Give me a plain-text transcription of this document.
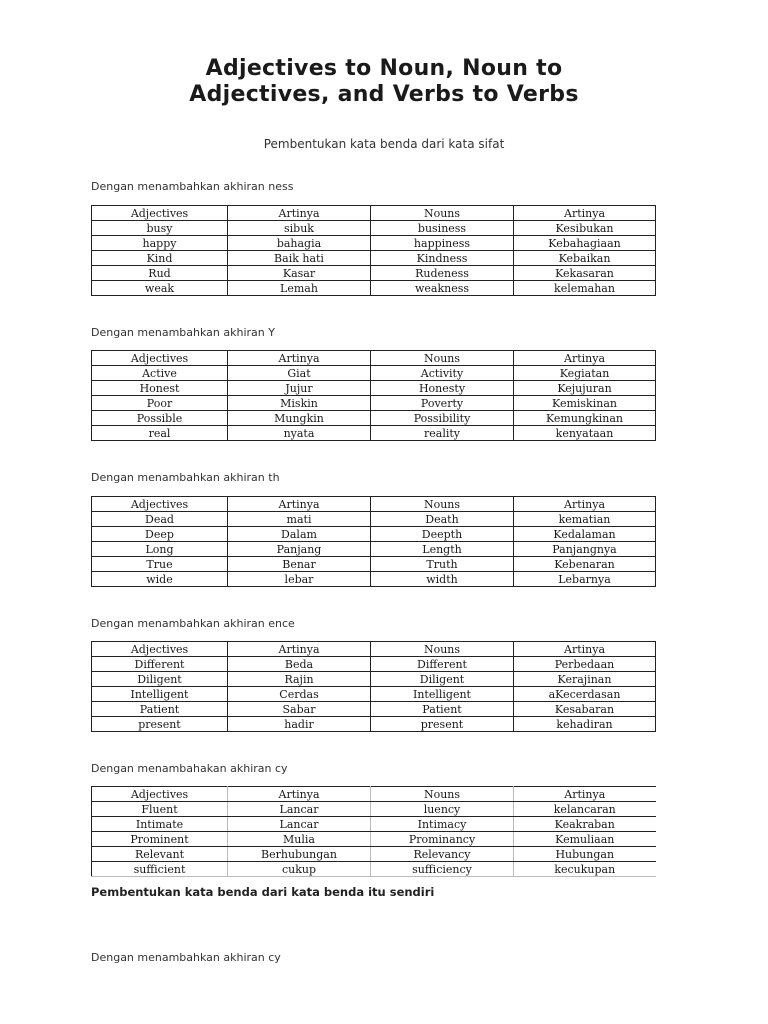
Adjectives to Noun, Noun to
Adjectives, and Verbs to Verbs
Pembentukan kata benda dari kata sifat
Dengan menambahkan akhiran ness
Adjectives	Artinya	Nouns	Artinya
busy	sibuk	business	Kesibukan
happy	bahagia	happiness	Kebahagiaan
Kind	Baik hati	Kindness	Kebaikan
Rud	Kasar	Rudeness	Kekasaran
weak	Lemah	weakness	kelemahan
Dengan menambahkan akhiran Y
Adjectives	Artinya	Nouns	Artinya
Active	Giat	Activity	Kegiatan
Honest	Jujur	Honesty	Kejujuran
Poor	Miskin	Poverty	Kemiskinan
Possible	Mungkin	Possibility	Kemungkinan
real	nyata	reality	kenyataan
Dengan menambahkan akhiran th
Adjectives	Artinya	Nouns	Artinya
Dead	mati	Death	kematian
Deep	Dalam	Deepth	Kedalaman
Long	Panjang	Length	Panjangnya
True	Benar	Truth	Kebenaran
wide	lebar	width	Lebarnya
Dengan menambahkan akhiran ence
Adjectives	Artinya	Nouns	Artinya
Different	Beda	Different	Perbedaan
Diligent	Rajin	Diligent	Kerajinan
Intelligent	Cerdas	Intelligent	aKecerdasan
Patient	Sabar	Patient	Kesabaran
present	hadir	present	kehadiran
Dengan menambahakan akhiran cy
Adjectives	Artinya	Nouns	Artinya
Fluent	Lancar	luency	kelancaran
Intimate	Lancar	Intimacy	Keakraban
Prominent	Mulia	Prominancy	Kemuliaan
Relevant	Berhubungan	Relevancy	Hubungan
sufficient	cukup	sufficiency	kecukupan
Pembentukan kata benda dari kata benda itu sendiri
Dengan menambahkan akhiran cy
